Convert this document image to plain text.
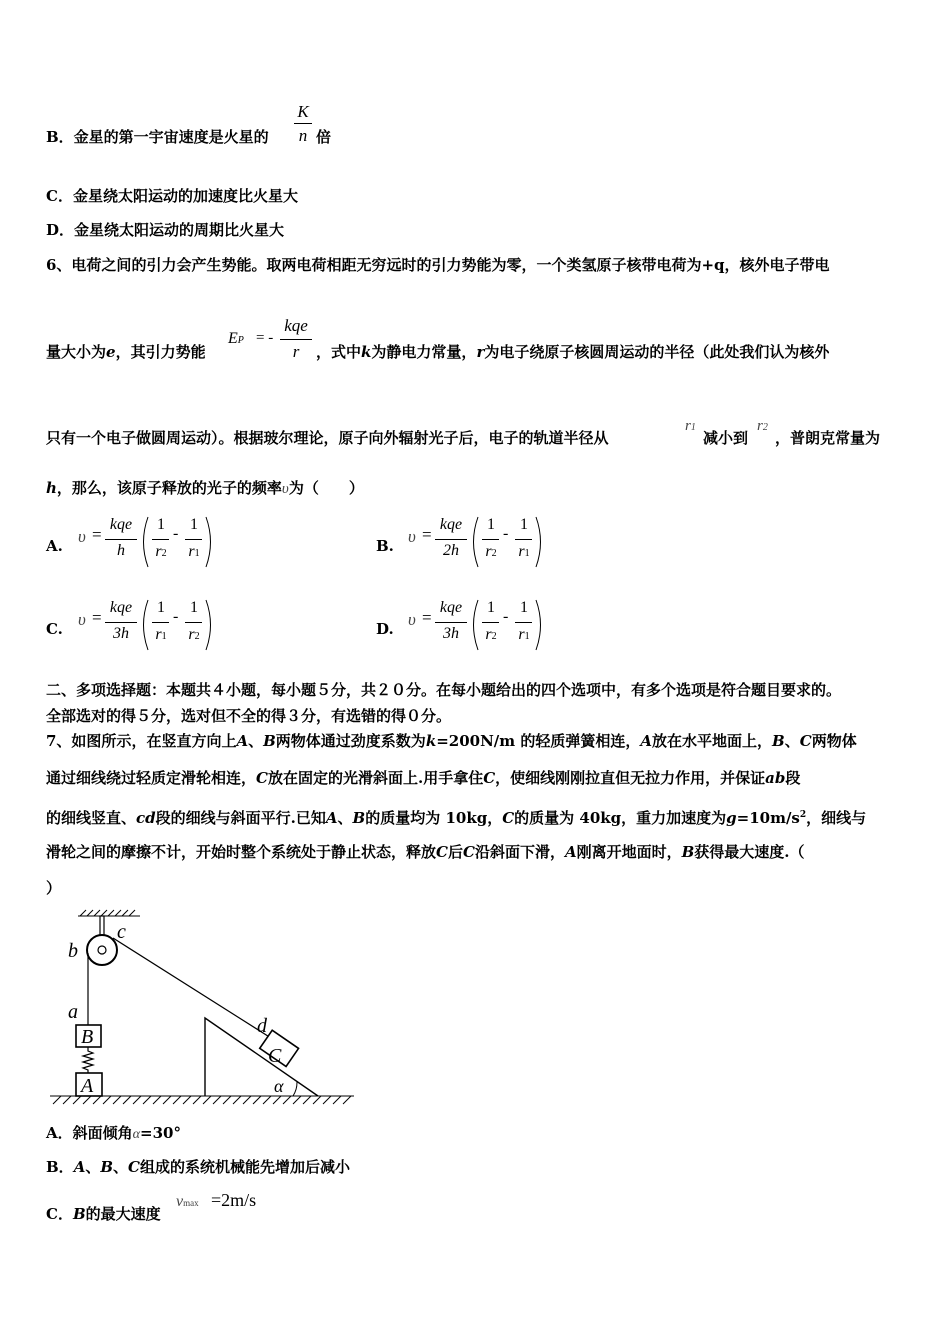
B．金星的第一宇宙速度是火星的
K
n 倍
C．金星绕太阳运动的加速度比火星大
D．金星绕太阳运动的周期比火星大
6、电荷之间的引力会产生势能。取两电荷相距无穷远时的引力势能为零，一个类氢原子核带电荷为+q，核外电子带电
量大小为e，其引力势能
EP = -
kqe
r	，式中k为静电力常量，r为电子绕原子核圆周运动的半径（此处我们认为核外
只有一个电子做圆周运动）。根据玻尔理论，原子向外辐射光子后，电子的轨道半径从
r1
减小到
r2
，普朗克常量为
h，那么，该原子释放的光子的频率υ为（　　）
A. υ =
kqe
h
1
r2
-
1
r1	B. υ =
kqe
2h
1
r2
-
1
r1
C. υ =
kqe
3h
1
r1
-
1
r2	D. υ =
kqe
3h
1
r2
-
1
r1
二、多项选择题：本题共４小题，每小题５分，共２０分。在每小题给出的四个选项中，有多个选项是符合题目要求的。
全部选对的得５分，选对但不全的得３分，有选错的得０分。
7、如图所示，在竖直方向上A、B两物体通过劲度系数为k=200N/m 的轻质弹簧相连，A放在水平地面上，B、C两物体
通过细线绕过轻质定滑轮相连，C放在固定的光滑斜面上.用手拿住C，使细线刚刚拉直但无拉力作用，并保证ab段
的细线竖直、cd段的细线与斜面平行.已知A、B的质量均为 10kg，C的质量为 40kg，重力加速度为$g=10m/s^2$，细线与
滑轮之间的摩擦不计，开始时整个系统处于静止状态，释放C后C沿斜面下滑，A刚离开地面时，B获得最大速度.（
）
B
A
C
α
b
c
a
d
A．斜面倾角α=30°
B．A、B、C组成的系统机械能先增加后减小
C．B的最大速度
vmax =2m/s
